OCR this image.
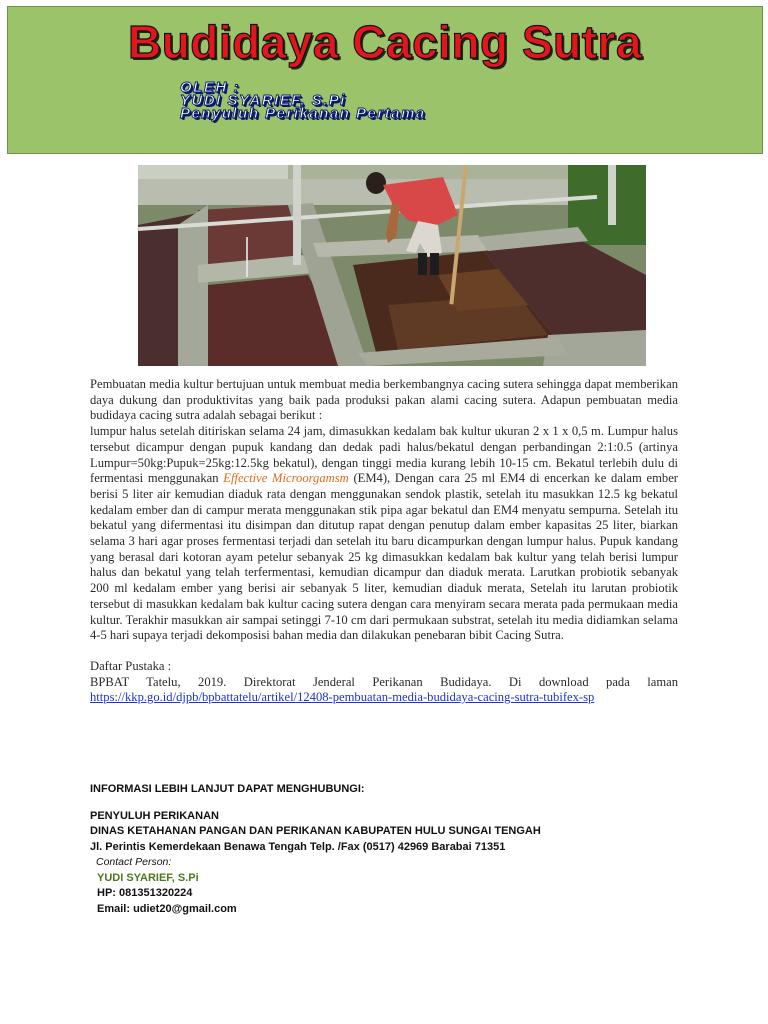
Budidaya Cacing Sutra
OLEH :
YUDI SYARIEF, S.Pi
Penyuluh Perikanan Pertama

Pembuatan media kultur bertujuan untuk membuat media berkembangnya cacing sutera sehingga dapat memberikan daya dukung dan produktivitas yang baik pada produksi pakan alami cacing sutera. Adapun pembuatan media budidaya cacing sutra adalah sebagai berikut :

lumpur halus setelah ditiriskan selama 24 jam, dimasukkan kedalam bak kultur ukuran 2 x 1 x 0,5 m. Lumpur halus tersebut dicampur dengan pupuk kandang dan dedak padi halus/bekatul dengan perbandingan 2:1:0.5 (artinya Lumpur=50kg:Pupuk=25kg:12.5kg bekatul), dengan tinggi media kurang lebih 10-15 cm. Bekatul terlebih dulu di fermentasi menggunakan Effective Microorgamsm (EM4), Dengan cara 25 ml EM4 di encerkan ke dalam ember berisi 5 liter air kemudian diaduk rata dengan menggunakan sendok plastik, setelah itu masukkan 12.5 kg bekatul kedalam ember dan di campur merata menggunakan stik pipa agar bekatul dan EM4 menyatu sempurna. Setelah itu bekatul yang difermentasi itu disimpan dan ditutup rapat dengan penutup dalam ember kapasitas 25 liter, biarkan selama 3 hari agar proses fermentasi terjadi dan setelah itu baru dicampurkan dengan lumpur halus. Pupuk kandang yang berasal dari kotoran ayam petelur sebanyak 25 kg dimasukkan kedalam bak kultur yang telah berisi lumpur halus dan bekatul yang telah terfermentasi, kemudian dicampur dan diaduk merata. Larutkan probiotik sebanyak 200 ml kedalam ember yang berisi air sebanyak 5 liter, kemudian diaduk merata, Setelah itu larutan probiotik tersebut di masukkan kedalam bak kultur cacing sutera dengan cara menyiram secara merata pada permukaan media kultur. Terakhir masukkan air sampai setinggi 7-10 cm dari permukaan substrat, setelah itu media didiamkan selama 4-5 hari supaya terjadi dekomposisi bahan media dan dilakukan penebaran bibit Cacing Sutra.

Daftar Pustaka :

BPBAT Tatelu, 2019. Direktorat Jenderal Perikanan Budidaya. Di download pada laman https://kkp.go.id/djpb/bpbattatelu/artikel/12408-pembuatan-media-budidaya-cacing-sutra-tubifex-sp

INFORMASI LEBIH LANJUT DAPAT MENGHUBUNGI:
PENYULUH PERIKANAN
DINAS KETAHANAN PANGAN DAN PERIKANAN KABUPATEN HULU SUNGAI TENGAH
Jl. Perintis Kemerdekaan Benawa Tengah Telp. /Fax (0517) 42969 Barabai 71351
Contact Person:
YUDI SYARIEF, S.Pi
HP: 081351320224
Email: udiet20@gmail.com
